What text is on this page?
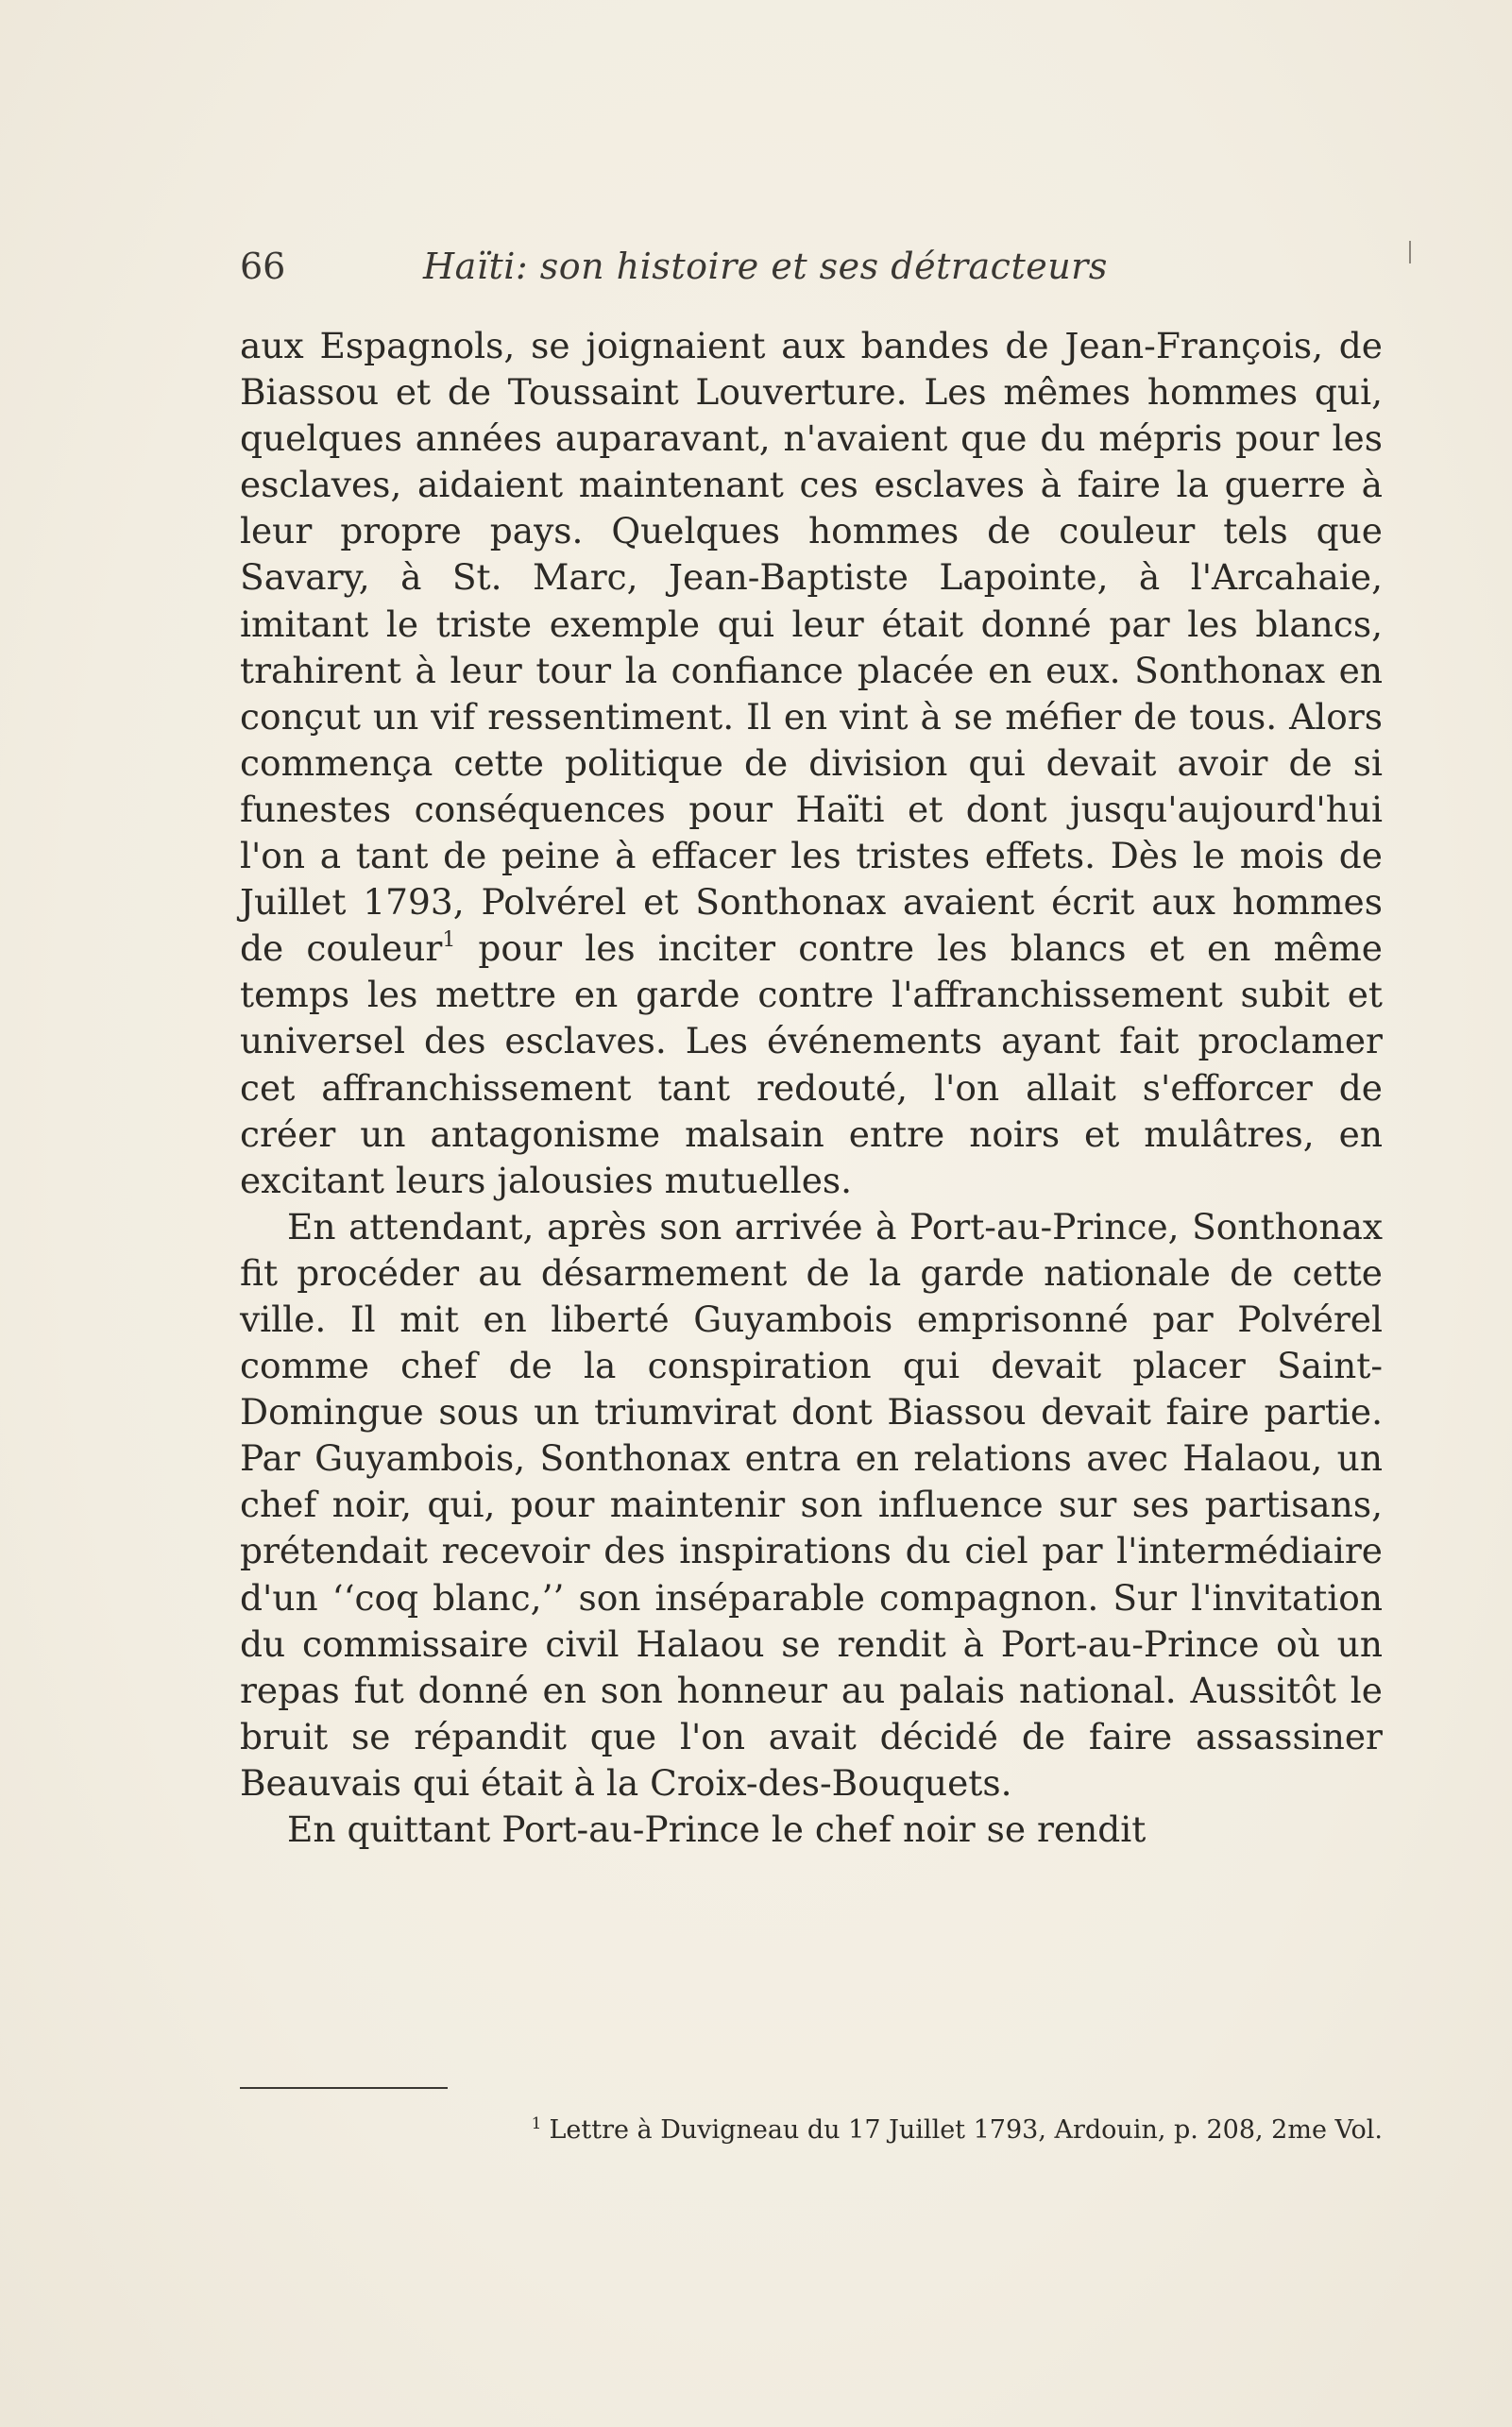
66	Haïti: son histoire et ses détracteurs

aux Espagnols, se joignaient aux bandes de Jean-François, de Biassou et de Toussaint Louverture. Les mêmes hommes qui, quelques années auparavant, n'avaient que du mépris pour les esclaves, aidaient maintenant ces esclaves à faire la guerre à leur propre pays. Quelques hommes de couleur tels que Savary, à St. Marc, Jean-Baptiste Lapointe, à l'Arcahaie, imitant le triste exemple qui leur était donné par les blancs, trahirent à leur tour la confiance placée en eux. Sonthonax en conçut un vif ressentiment. Il en vint à se méfier de tous. Alors commença cette politique de division qui devait avoir de si funestes conséquences pour Haïti et dont jusqu'aujourd'hui l'on a tant de peine à effacer les tristes effets. Dès le mois de Juillet 1793, Polvérel et Sonthonax avaient écrit aux hommes de couleur$^1$ pour les inciter contre les blancs et en même temps les mettre en garde contre l'affranchissement subit et universel des esclaves. Les événements ayant fait proclamer cet affranchissement tant redouté, l'on allait s'efforcer de créer un antagonisme malsain entre noirs et mulâtres, en excitant leurs jalousies mutuelles.

En attendant, après son arrivée à Port-au-Prince, Sonthonax fit procéder au désarmement de la garde nationale de cette ville. Il mit en liberté Guyambois emprisonné par Polvérel comme chef de la conspiration qui devait placer Saint-Domingue sous un triumvirat dont Biassou devait faire partie. Par Guyambois, Sonthonax entra en relations avec Halaou, un chef noir, qui, pour maintenir son influence sur ses partisans, prétendait recevoir des inspirations du ciel par l'intermédiaire d'un ‘‘coq blanc,’’ son inséparable compagnon. Sur l'invitation du commissaire civil Halaou se rendit à Port-au-Prince où un repas fut donné en son honneur au palais national. Aussitôt le bruit se répandit que l'on avait décidé de faire assassiner Beauvais qui était à la Croix-des-Bouquets.

En quittant Port-au-Prince le chef noir se rendit

$^1$ Lettre à Duvigneau du 17 Juillet 1793, Ardouin, p. 208, 2me Vol.
